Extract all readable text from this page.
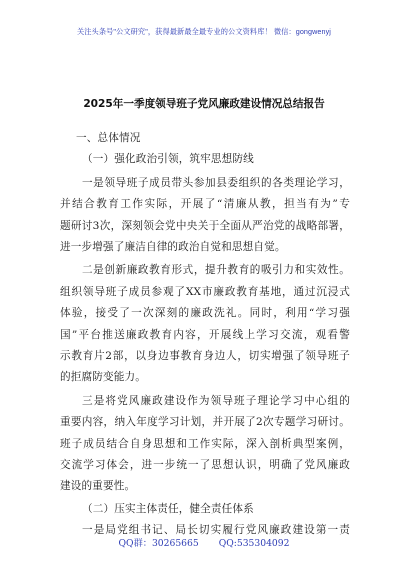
关注头条号"公文研究"，获得最新最全最专业的公文资料库！ 微信：gongwenyj
2025年一季度领导班子党风廉政建设情况总结报告
一、总体情况
（一）强化政治引领，筑牢思想防线
一是领导班子成员带头参加县委组织的各类理论学习，
并结合教育工作实际，开展了“清廉从教，担当有为”专
题研讨3次，深刻领会党中央关于全面从严治党的战略部署，
进一步增强了廉洁自律的政治自觉和思想自觉。
二是创新廉政教育形式，提升教育的吸引力和实效性。
组织领导班子成员参观了XX市廉政教育基地，通过沉浸式
体验，接受了一次深刻的廉政洗礼。同时，利用“学习强
国”平台推送廉政教育内容，开展线上学习交流，观看警
示教育片2部，以身边事教育身边人，切实增强了领导班子
的拒腐防变能力。
三是将党风廉政建设作为领导班子理论学习中心组的
重要内容，纳入年度学习计划，并开展了2次专题学习研讨。
班子成员结合自身思想和工作实际，深入剖析典型案例，
交流学习体会，进一步统一了思想认识，明确了党风廉政
建设的重要性。
（二）压实主体责任，健全责任体系
一是局党组书记、局长切实履行党风廉政建设第一责
QQ群：30265665 QQ:535304092
